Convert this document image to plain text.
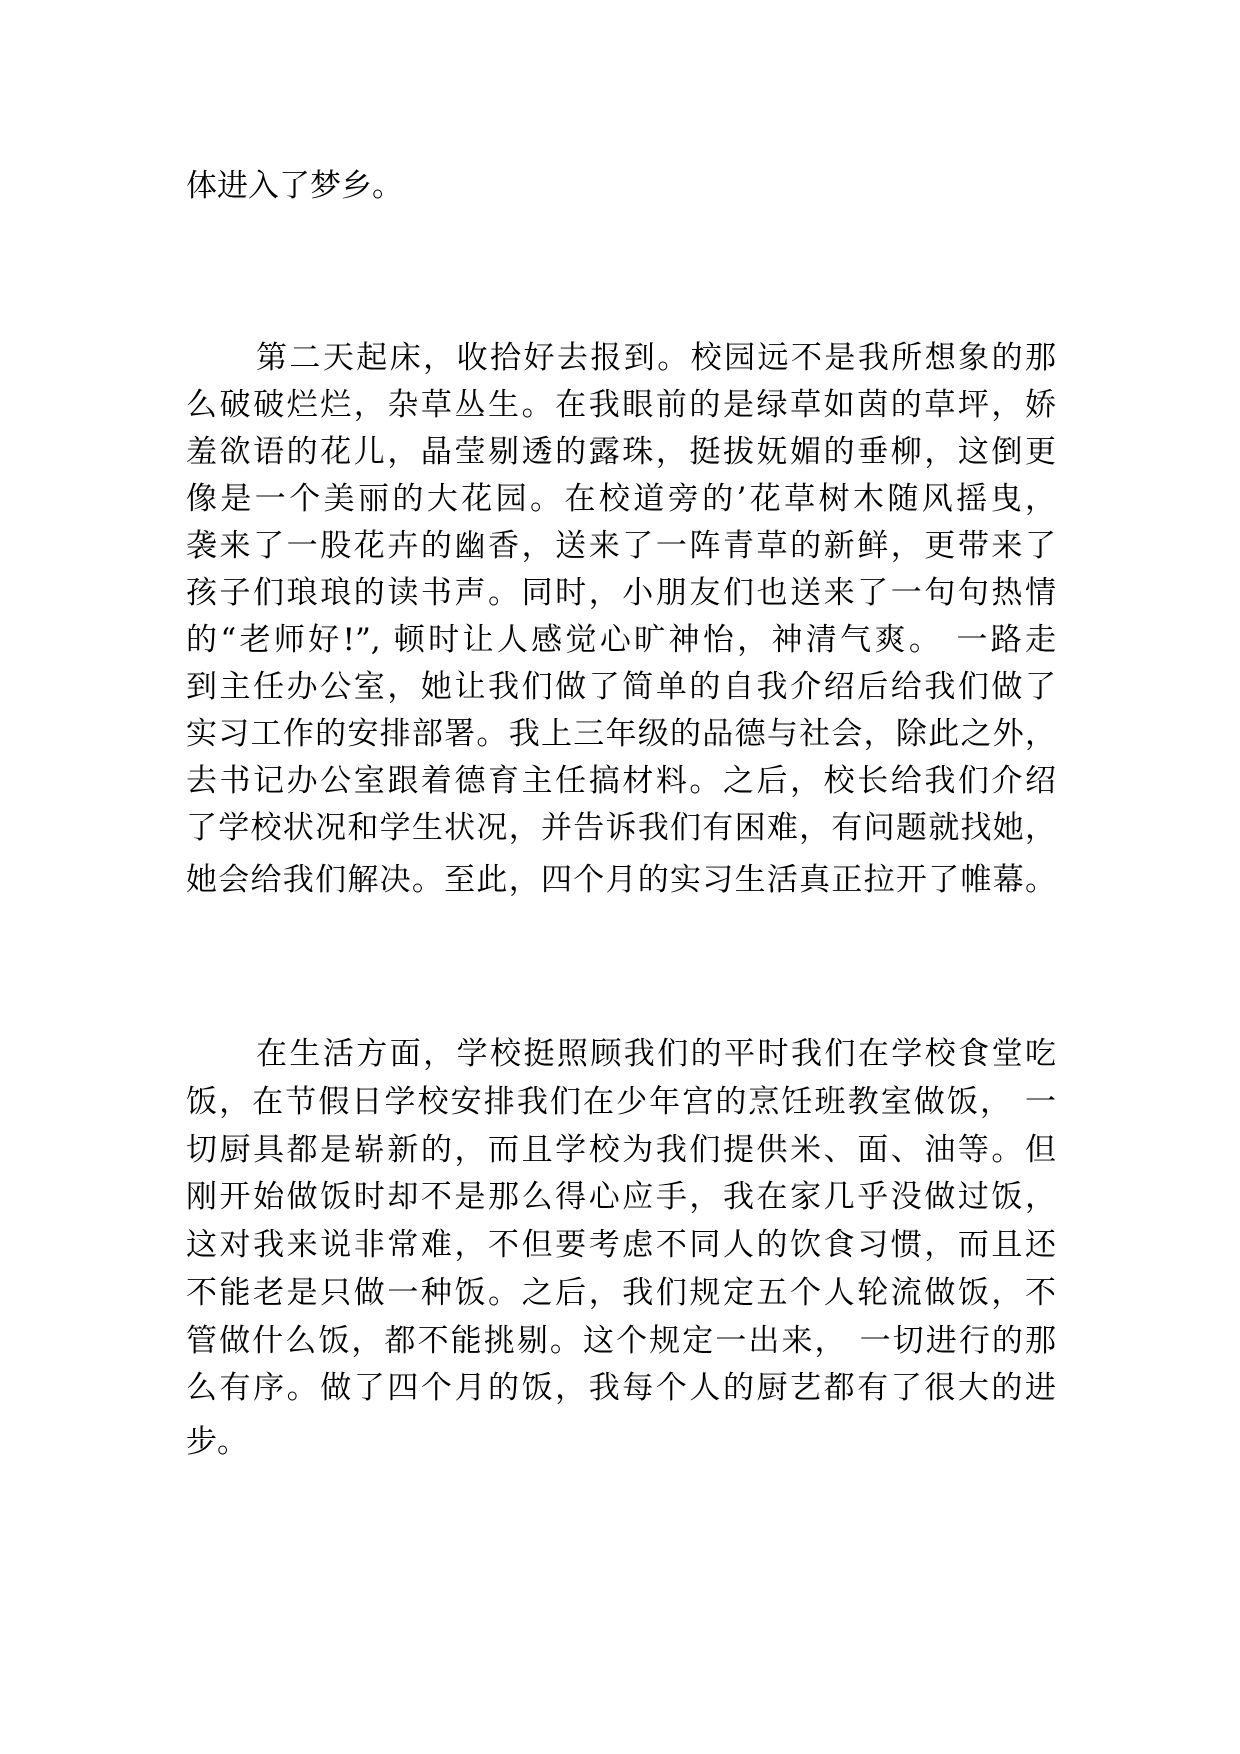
体进入了梦乡。
第二天起床，收拾好去报到。校园远不是我所想象的那
么破破烂烂，杂草丛生。在我眼前的是绿草如茵的草坪，娇
羞欲语的花儿，晶莹剔透的露珠，挺拔妩媚的垂柳，这倒更
像是一个美丽的大花园。在校道旁的’花草树木随风摇曳，
袭来了一股花卉的幽香，送来了一阵青草的新鲜，更带来了
孩子们琅琅的读书声。同时，小朋友们也送来了一句句热情
的“老师好!”, 顿时让人感觉心旷神怡，神清气爽。 一路走
到主任办公室，她让我们做了简单的自我介绍后给我们做了
实习工作的安排部署。我上三年级的品德与社会，除此之外，
去书记办公室跟着德育主任搞材料。之后，校长给我们介绍
了学校状况和学生状况，并告诉我们有困难，有问题就找她，
她会给我们解决。至此，四个月的实习生活真正拉开了帷幕。
在生活方面，学校挺照顾我们的平时我们在学校食堂吃
饭，在节假日学校安排我们在少年宫的烹饪班教室做饭， 一
切厨具都是崭新的，而且学校为我们提供米、面、油等。但
刚开始做饭时却不是那么得心应手，我在家几乎没做过饭，
这对我来说非常难，不但要考虑不同人的饮食习惯，而且还
不能老是只做一种饭。之后，我们规定五个人轮流做饭，不
管做什么饭，都不能挑剔。这个规定一出来， 一切进行的那
么有序。做了四个月的饭，我每个人的厨艺都有了很大的进
步。
